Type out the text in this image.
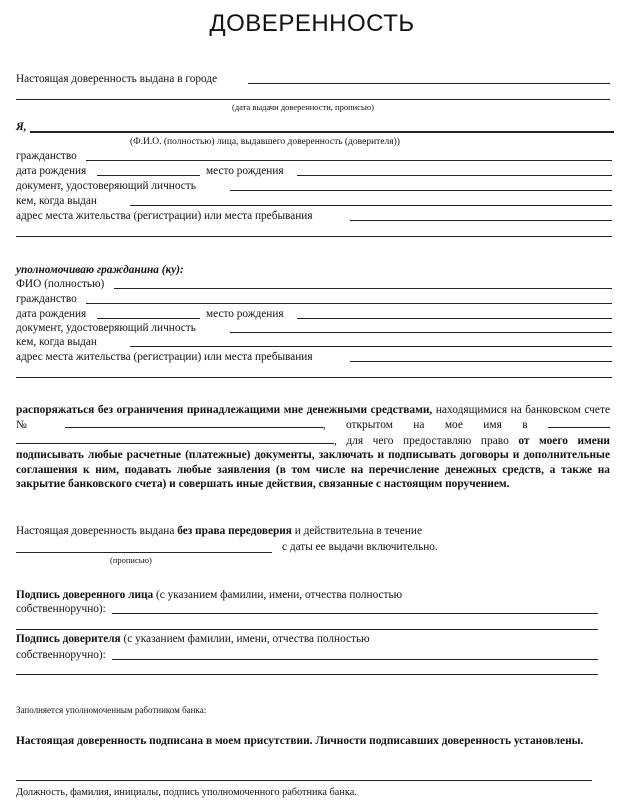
ДОВЕРЕННОСТЬ
Настоящая доверенность выдана в городе
(дата выдачи доверенности, прописью)
Я,
(Ф.И.О. (полностью) лица, выдавшего доверенность (доверителя))
гражданство
дата рождения	место рождения
документ, удостоверяющий личность
кем, когда выдан
адрес места жительства (регистрации) или места пребывания
уполномочиваю гражданина (ку):
ФИО (полностью)
гражданство
дата рождения	место рождения
документ, удостоверяющий личность
кем, когда выдан
адрес места жительства (регистрации) или места пребывания
распоряжаться без ограничения принадлежащими мне денежными средствами, находящимися на банковском счете №	, открытом на мое имя в  , для чего предоставляю право от моего имени подписывать любые расчетные (платежные) документы, заключать и подписывать договоры и дополнительные соглашения к ним, подавать любые заявления (в том числе на перечисление денежных средств, а также на закрытие банковского счета) и совершать иные действия, связанные с настоящим поручением.
Настоящая доверенность выдана без права передоверия и действительна в течение
с даты ее выдачи включительно.
(прописью)
Подпись доверенного лица (с указанием фамилии, имени, отчества полностью
собственноручно):
Подпись доверителя (с указанием фамилии, имени, отчества полностью
собственноручно):
Заполняется уполномоченным работником банка:
Настоящая доверенность подписана в моем присутствии. Личности подписавших доверенность установлены.
Должность, фамилия, инициалы, подпись уполномоченного работника банка.
